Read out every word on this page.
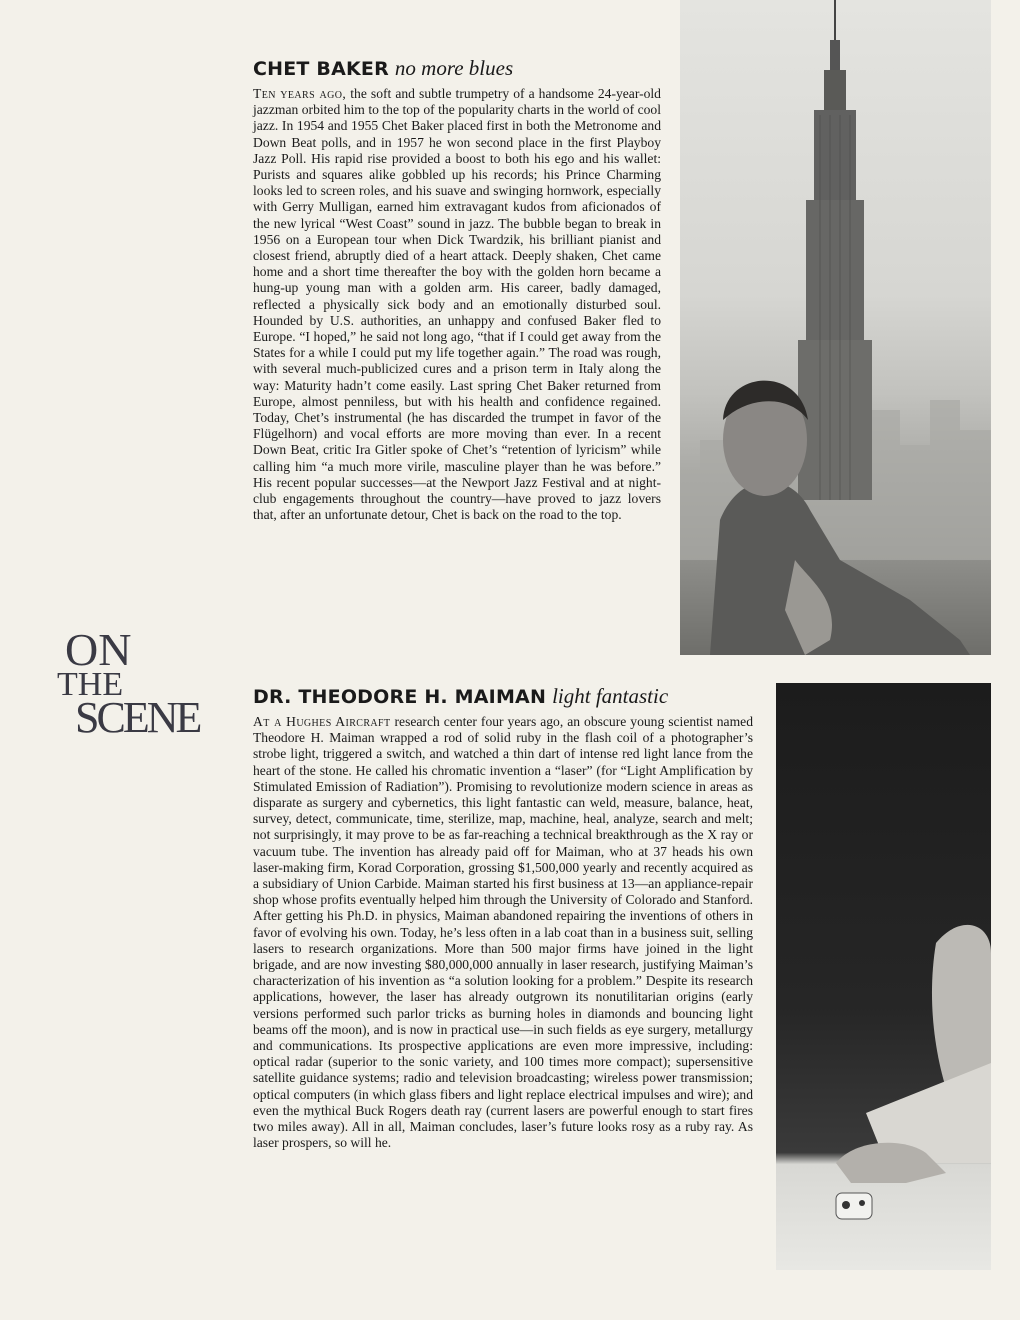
ON
THE
SCENE
CHET BAKER no more blues

Ten years ago, the soft and subtle trumpetry of a handsome 24-year-old jazzman orbited him to the top of the popularity charts in the world of cool jazz. In 1954 and 1955 Chet Baker placed first in both the Metronome and Down Beat polls, and in 1957 he won second place in the first Playboy Jazz Poll. His rapid rise provided a boost to both his ego and his wallet: Purists and squares alike gobbled up his records; his Prince Charming looks led to screen roles, and his suave and swinging hornwork, especially with Gerry Mulligan, earned him extravagant kudos from aficionados of the new lyrical “West Coast” sound in jazz. The bubble began to break in 1956 on a European tour when Dick Twardzik, his brilliant pianist and closest friend, abruptly died of a heart attack. Deeply shaken, Chet came home and a short time thereafter the boy with the golden horn became a hung-up young man with a golden arm. His career, badly damaged, reflected a physically sick body and an emotionally disturbed soul. Hounded by U.S. authorities, an unhappy and confused Baker fled to Europe. “I hoped,” he said not long ago, “that if I could get away from the States for a while I could put my life together again.” The road was rough, with several much-publicized cures and a prison term in Italy along the way: Maturity hadn’t come easily. Last spring Chet Baker returned from Europe, almost penniless, but with his health and confidence regained. Today, Chet’s instrumental (he has discarded the trumpet in favor of the Flügelhorn) and vocal efforts are more moving than ever. In a recent Down Beat, critic Ira Gitler spoke of Chet’s “retention of lyricism” while calling him “a much more virile, masculine player than he was before.” His recent popular successes—at the Newport Jazz Festival and at night-club engagements throughout the country—have proved to jazz lovers that, after an unfortunate detour, Chet is back on the road to the top.

DR. THEODORE H. MAIMAN light fantastic

At a Hughes Aircraft research center four years ago, an obscure young scientist named Theodore H. Maiman wrapped a rod of solid ruby in the flash coil of a photographer’s strobe light, triggered a switch, and watched a thin dart of intense red light lance from the heart of the stone. He called his chromatic invention a “laser” (for “Light Amplification by Stimulated Emission of Radiation”). Promising to revolutionize modern science in areas as disparate as surgery and cybernetics, this light fantastic can weld, measure, balance, heat, survey, detect, communicate, time, sterilize, map, machine, heal, analyze, search and melt; not surprisingly, it may prove to be as far-reaching a technical breakthrough as the X ray or vacuum tube. The invention has already paid off for Maiman, who at 37 heads his own laser-making firm, Korad Corporation, grossing $1,500,000 yearly and recently acquired as a subsidiary of Union Carbide. Maiman started his first business at 13—an appliance-repair shop whose profits eventually helped him through the University of Colorado and Stanford. After getting his Ph.D. in physics, Maiman abandoned repairing the inventions of others in favor of evolving his own. Today, he’s less often in a lab coat than in a business suit, selling lasers to research organizations. More than 500 major firms have joined in the light brigade, and are now investing $80,000,000 annually in laser research, justifying Maiman’s characterization of his invention as “a solution looking for a problem.” Despite its research applications, however, the laser has already outgrown its nonutilitarian origins (early versions performed such parlor tricks as burning holes in diamonds and bouncing light beams off the moon), and is now in practical use—in such fields as eye surgery, metallurgy and communications. Its prospective applications are even more impressive, including: optical radar (superior to the sonic variety, and 100 times more compact); supersensitive satellite guidance systems; radio and television broadcasting; wireless power transmission; optical computers (in which glass fibers and light replace electrical impulses and wire); and even the mythical Buck Rogers death ray (current lasers are powerful enough to start fires two miles away). All in all, Maiman concludes, laser’s future looks rosy as a ruby ray. As laser prospers, so will he.
